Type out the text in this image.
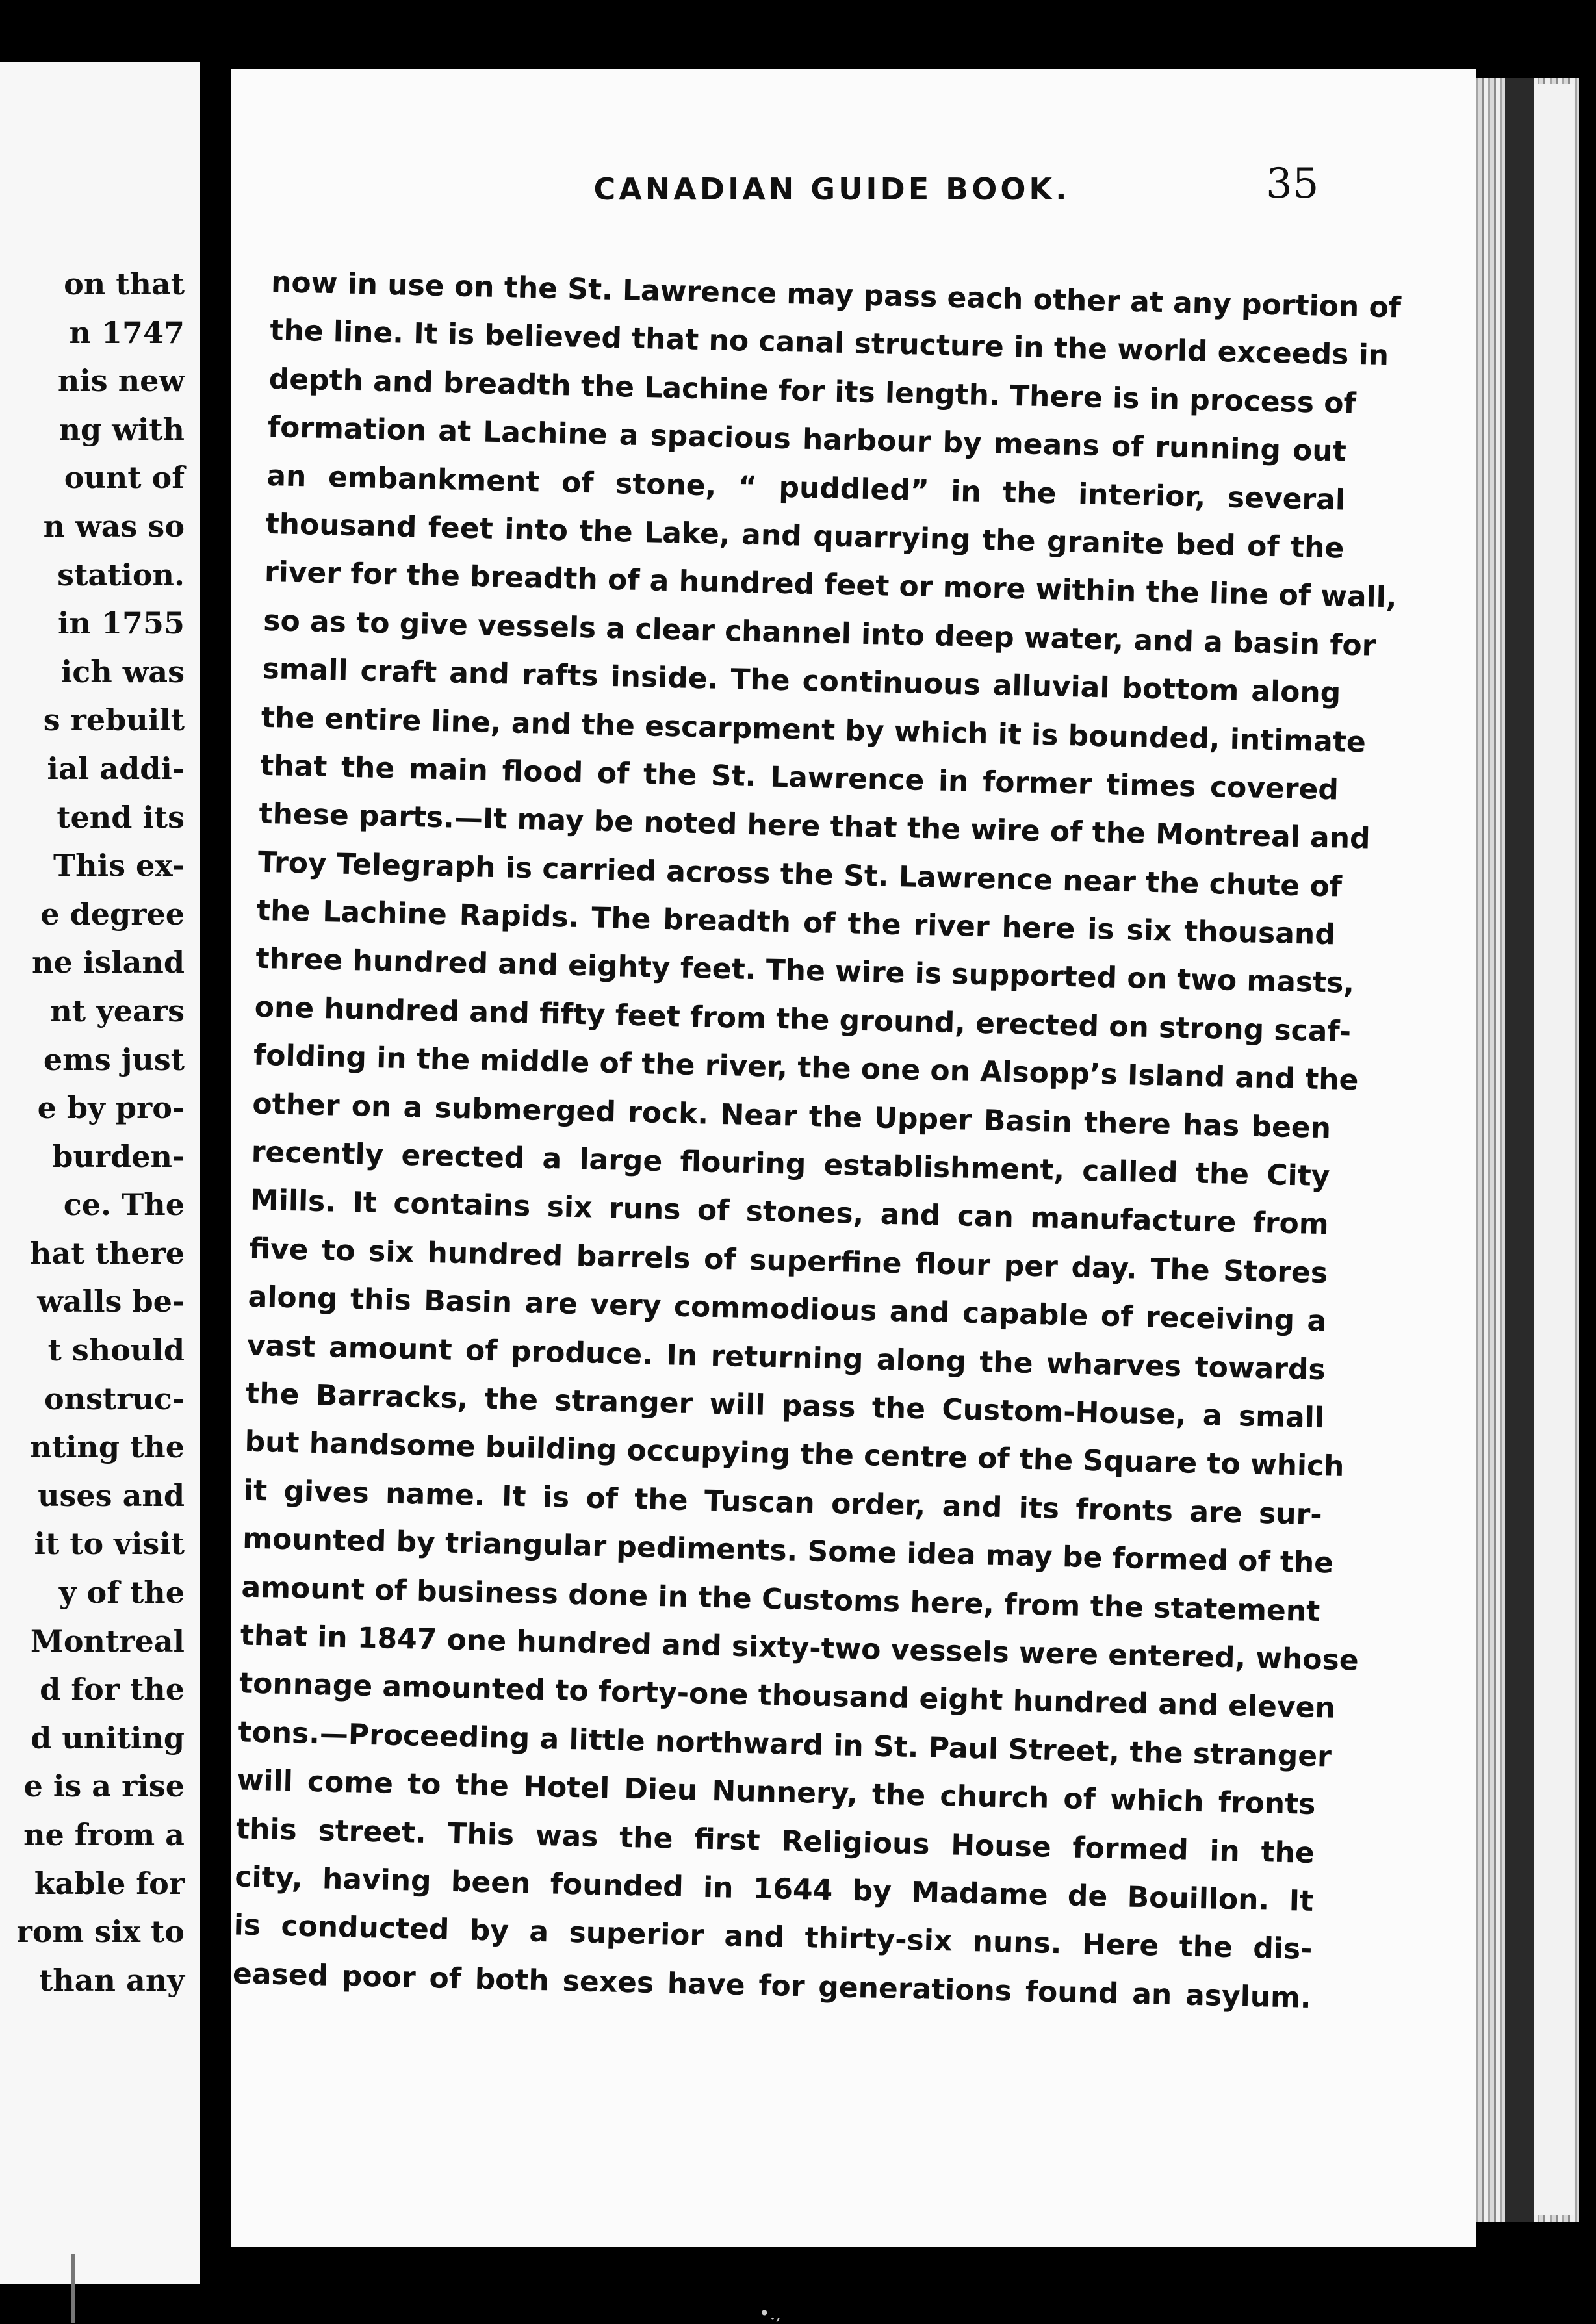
on that
n 1747
nis new
ng with
ount of
n was so
station.
in 1755
ich was
s rebuilt
ial addi-
tend its
This ex-
e degree
ne island
nt years
ems just
e by pro-
burden-
ce. The
hat there
walls be-
t should
onstruc-
nting the
uses and
it to visit
y of the
Montreal
d for the
d uniting
e is a rise
ne from a
kable for
rom six to
than any
CANADIAN GUIDE BOOK.	35
now in use on the St. Lawrence may pass each other at any portion of
the line. It is believed that no canal structure in the world exceeds in
depth and breadth the Lachine for its length. There is in process of
formation at Lachine a spacious harbour by means of running out
an embankment of stone, “ puddled” in the interior, several
thousand feet into the Lake, and quarrying the granite bed of the
river for the breadth of a hundred feet or more within the line of wall,
so as to give vessels a clear channel into deep water, and a basin for
small craft and rafts inside. The continuous alluvial bottom along
the entire line, and the escarpment by which it is bounded, intimate
that the main flood of the St. Lawrence in former times covered
these parts.—It may be noted here that the wire of the Montreal and
Troy Telegraph is carried across the St. Lawrence near the chute of
the Lachine Rapids. The breadth of the river here is six thousand
three hundred and eighty feet. The wire is supported on two masts,
one hundred and fifty feet from the ground, erected on strong scaf-
folding in the middle of the river, the one on Alsopp’s Island and the
other on a submerged rock. Near the Upper Basin there has been
recently erected a large flouring establishment, called the City
Mills. It contains six runs of stones, and can manufacture from
five to six hundred barrels of superfine flour per day. The Stores
along this Basin are very commodious and capable of receiving a
vast amount of produce. In returning along the wharves towards
the Barracks, the stranger will pass the Custom-House, a small
but handsome building occupying the centre of the Square to which
it gives name. It is of the Tuscan order, and its fronts are sur-
mounted by triangular pediments. Some idea may be formed of the
amount of business done in the Customs here, from the statement
that in 1847 one hundred and sixty-two vessels were entered, whose
tonnage amounted to forty-one thousand eight hundred and eleven
tons.—Proceeding a little northward in St. Paul Street, the stranger
will come to the Hotel Dieu Nunnery, the church of which fronts
this street. This was the first Religious House formed in the
city, having been founded in 1644 by Madame de Bouillon. It
is conducted by a superior and thirty-six nuns. Here the dis-
eased poor of both sexes have for generations found an asylum.
•.,
